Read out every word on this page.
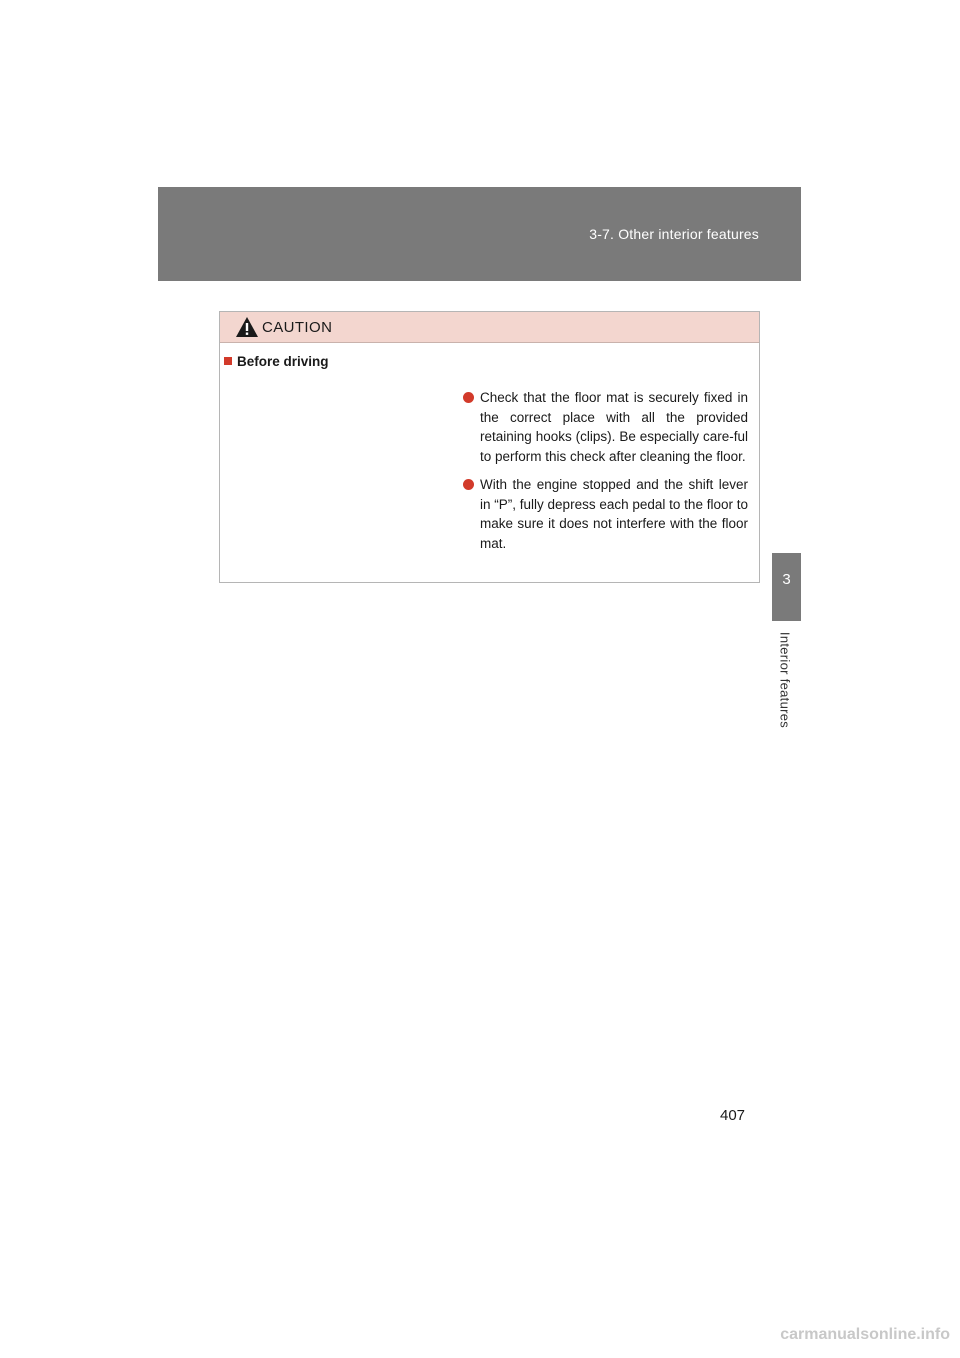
3-7. Other interior features
3
Interior features
CAUTION
Before driving
Check that the floor mat is securely fixed in the correct place with all the provided retaining hooks (clips). Be especially care-ful to perform this check after cleaning the floor.
With the engine stopped and the shift lever in “P”, fully depress each pedal to the floor to make sure it does not interfere with the floor mat.
407
carmanualsonline.info
